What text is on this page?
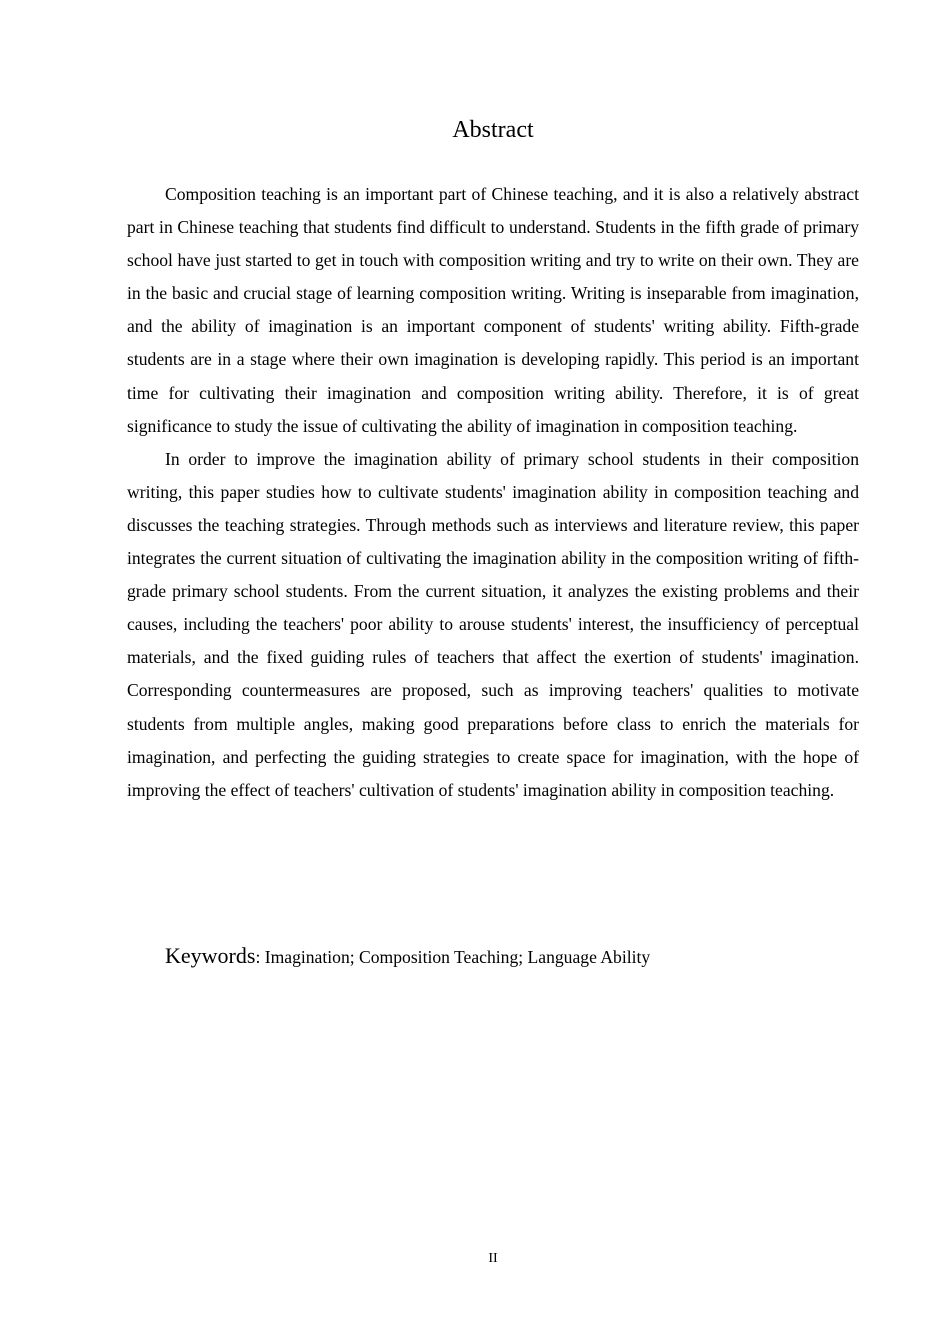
Abstract

Composition teaching is an important part of Chinese teaching, and it is also a relatively abstract part in Chinese teaching that students find difficult to understand. Students in the fifth grade of primary school have just started to get in touch with composition writing and try to write on their own. They are in the basic and crucial stage of learning composition writing. Writing is inseparable from imagination, and the ability of imagination is an important component of students' writing ability. Fifth-grade students are in a stage where their own imagination is developing rapidly. This period is an important time for cultivating their imagination and composition writing ability. Therefore, it is of great significance to study the issue of cultivating the ability of imagination in composition teaching.

In order to improve the imagination ability of primary school students in their composition writing, this paper studies how to cultivate students' imagination ability in composition teaching and discusses the teaching strategies. Through methods such as interviews and literature review, this paper integrates the current situation of cultivating the imagination ability in the composition writing of fifth-grade primary school students. From the current situation, it analyzes the existing problems and their causes, including the teachers' poor ability to arouse students' interest, the insufficiency of perceptual materials, and the fixed guiding rules of teachers that affect the exertion of students' imagination. Corresponding countermeasures are proposed, such as improving teachers' qualities to motivate students from multiple angles, making good preparations before class to enrich the materials for imagination, and perfecting the guiding strategies to create space for imagination, with the hope of improving the effect of teachers' cultivation of students' imagination ability in composition teaching.

Keywords: Imagination; Composition Teaching; Language Ability
II
